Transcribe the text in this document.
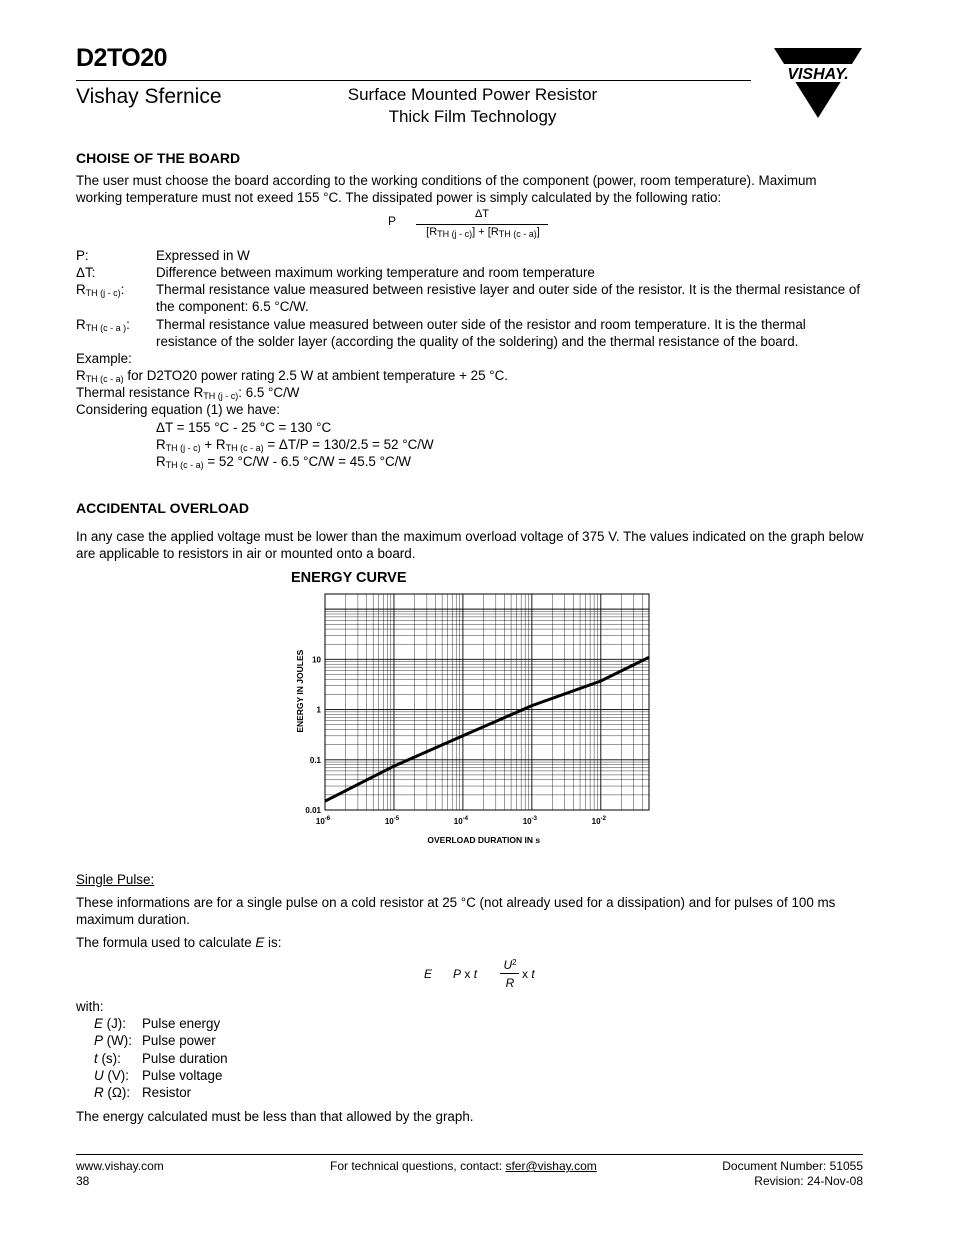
D2TO20
Vishay Sfernice	Surface Mounted Power Resistor
Thick Film Technology
VISHAY.
CHOISE OF THE BOARD
The user must choose the board according to the working conditions of the component (power, room temperature). Maximum working temperature must not exeed 155 °C. The dissipated power is simply calculated by the following ratio:
P	ΔT
$[R_{TH (j - c)}] + [R_{TH (c - a)}]$
P:	Expressed in W
ΔT:	Difference between maximum working temperature and room temperature
$R_{TH (j - c)}$: Thermal resistance value measured between resistive layer and outer side of the resistor. It is the thermal resistance of the component: 6.5 °C/W.
$R_{TH (c - a )}$: Thermal resistance value measured between outer side of the resistor and room temperature. It is the thermal resistance of the solder layer (according the quality of the soldering) and the thermal resistance of the board.
Example:
$R_{TH (c - a)}$ for D2TO20 power rating 2.5 W at ambient temperature + 25 °C.
Thermal resistance $R_{TH (j - c)}$: 6.5 °C/W
Considering equation (1) we have:
ΔT = 155 °C - 25 °C = 130 °C
$R_{TH (j - c)} + R_{TH (c - a)} = \Delta T/P = 130/2.5 = 52$ °C/W
$R_{TH (c - a)} = 52$ °C/W - 6.5 °C/W = 45.5 °C/W
ACCIDENTAL OVERLOAD
In any case the applied voltage must be lower than the maximum overload voltage of 375 V. The values indicated on the graph below are applicable to resistors in air or mounted onto a board.
ENERGY CURVE
0.01
0.1
1
10
$10^{-6}$	$10^{-5}$	$10^{-4}$	$10^{-3}$	$10^{-2}$
OVERLOAD DURATION IN s
ENERGY IN JOULES
Single Pulse:
These informations are for a single pulse on a cold resistor at 25 °C (not already used for a dissipation) and for pulses of 100 ms maximum duration.
The formula used to calculate E is:
E P x t
$U^2$
R
x t
with:
E (J): Pulse energy
P (W): Pulse power
t (s): Pulse duration
U (V): Pulse voltage
R (Ω): Resistor
The energy calculated must be less than that allowed by the graph.
www.vishay.com
38
For technical questions, contact: sfer@vishay.com	Document Number: 51055
Revision: 24-Nov-08
